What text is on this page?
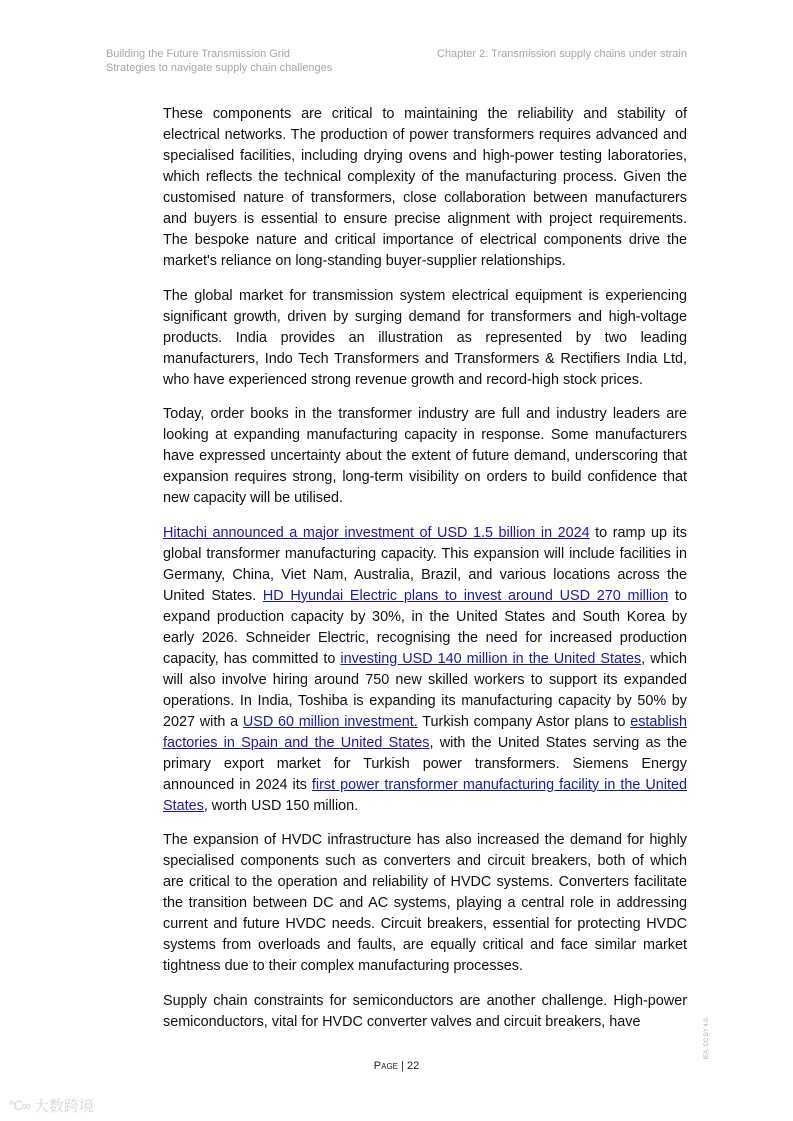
Building the Future Transmission Grid
Strategies to navigate supply chain challenges
Chapter 2: Transmission supply chains under strain

These components are critical to maintaining the reliability and stability of electrical networks. The production of power transformers requires advanced and specialised facilities, including drying ovens and high-power testing laboratories, which reflects the technical complexity of the manufacturing process. Given the customised nature of transformers, close collaboration between manufacturers and buyers is essential to ensure precise alignment with project requirements. The bespoke nature and critical importance of electrical components drive the market's reliance on long-standing buyer-supplier relationships.

The global market for transmission system electrical equipment is experiencing significant growth, driven by surging demand for transformers and high-voltage products. India provides an illustration as represented by two leading manufacturers, Indo Tech Transformers and Transformers & Rectifiers India Ltd, who have experienced strong revenue growth and record-high stock prices.

Today, order books in the transformer industry are full and industry leaders are looking at expanding manufacturing capacity in response. Some manufacturers have expressed uncertainty about the extent of future demand, underscoring that expansion requires strong, long-term visibility on orders to build confidence that new capacity will be utilised.

Hitachi announced a major investment of USD 1.5 billion in 2024 to ramp up its global transformer manufacturing capacity. This expansion will include facilities in Germany, China, Viet Nam, Australia, Brazil, and various locations across the United States. HD Hyundai Electric plans to invest around USD 270 million to expand production capacity by 30%, in the United States and South Korea by early 2026. Schneider Electric, recognising the need for increased production capacity, has committed to investing USD 140 million in the United States, which will also involve hiring around 750 new skilled workers to support its expanded operations. In India, Toshiba is expanding its manufacturing capacity by 50% by 2027 with a USD 60 million investment. Turkish company Astor plans to establish factories in Spain and the United States, with the United States serving as the primary export market for Turkish power transformers. Siemens Energy announced in 2024 its first power transformer manufacturing facility in the United States, worth USD 150 million.

The expansion of HVDC infrastructure has also increased the demand for highly specialised components such as converters and circuit breakers, both of which are critical to the operation and reliability of HVDC systems. Converters facilitate the transition between DC and AC systems, playing a central role in addressing current and future HVDC needs. Circuit breakers, essential for protecting HVDC systems from overloads and faults, are equally critical and face similar market tightness due to their complex manufacturing processes.

Supply chain constraints for semiconductors are another challenge. High-power semiconductors, vital for HVDC converter valves and circuit breakers, have	IEA. CC BY 4.0.
Page | 22
℃∞ 大数跨境
